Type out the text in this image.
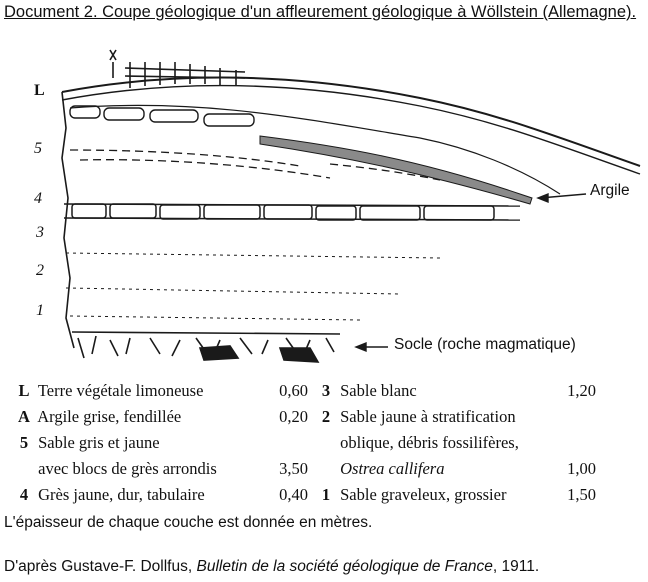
Document 2. Coupe géologique d'un affleurement géologique à Wöllstein (Allemagne).
L
5
4
3
2
1
Argile
Socle (roche magmatique)
L Terre végétale limoneuse	0,60
A Argile grise, fendillée	0,20
5 Sable gris et jaune
avec blocs de grès arrondis	3,50
4 Grès jaune, dur, tabulaire	0,40
3 Sable blanc	1,20
2 Sable jaune à stratification
oblique, débris fossilifères,
Ostrea callifera	1,00
1 Sable graveleux, grossier	1,50
L'épaisseur de chaque couche est donnée en mètres.
D'après Gustave-F. Dollfus, Bulletin de la société géologique de France, 1911.
